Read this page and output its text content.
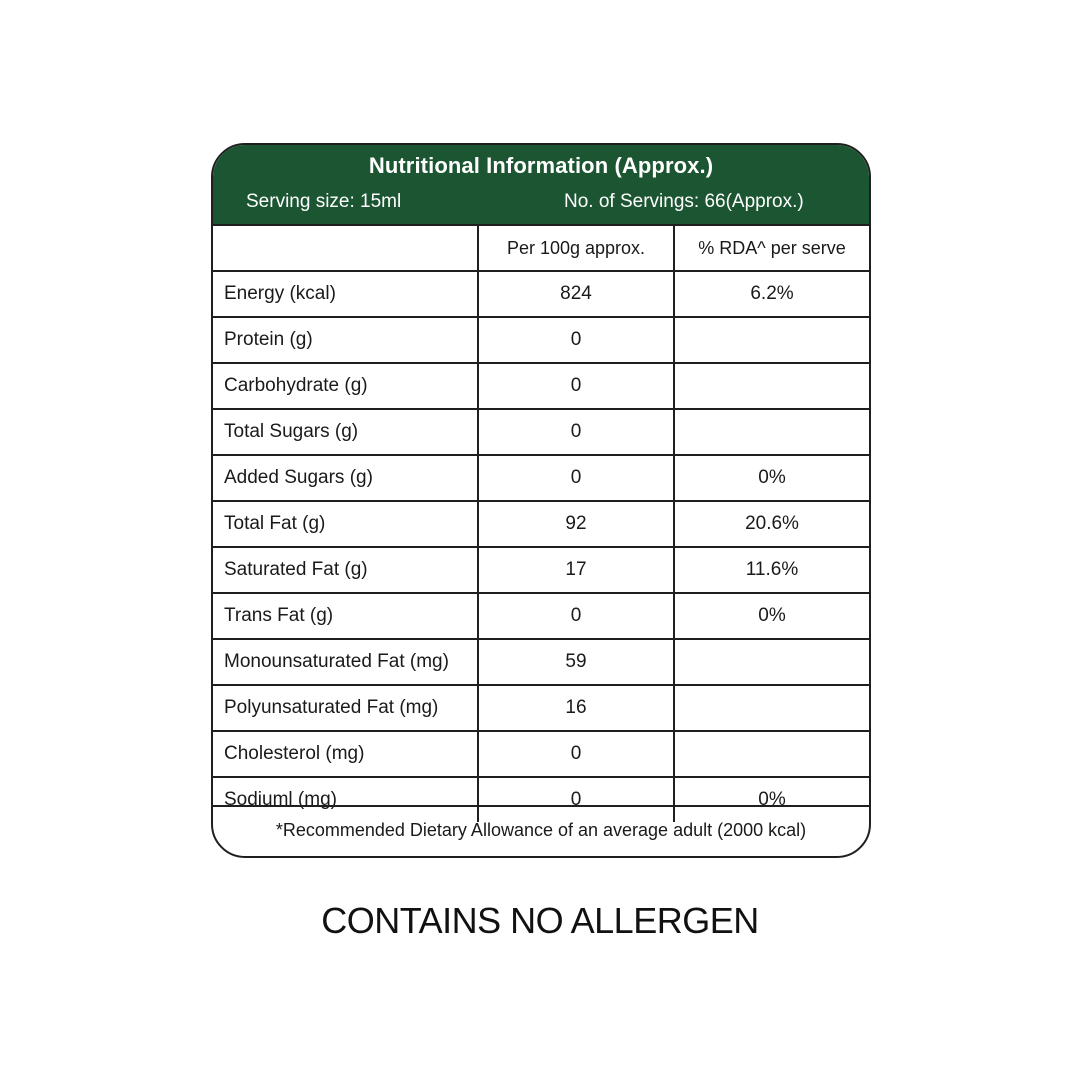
Nutritional Information (Approx.)
Serving size: 15ml	No. of Servings: 66(Approx.)
	Per 100g approx.	% RDA^ per serve
Energy (kcal)	824	6.2%
Protein (g)	0	
Carbohydrate (g)	0	
Total Sugars (g)	0	
Added Sugars (g)	0	0%
Total Fat (g)	92	20.6%
Saturated Fat (g)	17	11.6%
Trans Fat (g)	0	0%
Monounsaturated Fat (mg)	59	
Polyunsaturated Fat (mg)	16	
Cholesterol (mg)	0	
Sodiuml (mg)	0	0%
*Recommended Dietary Allowance of an average adult (2000 kcal)
CONTAINS NO ALLERGEN
